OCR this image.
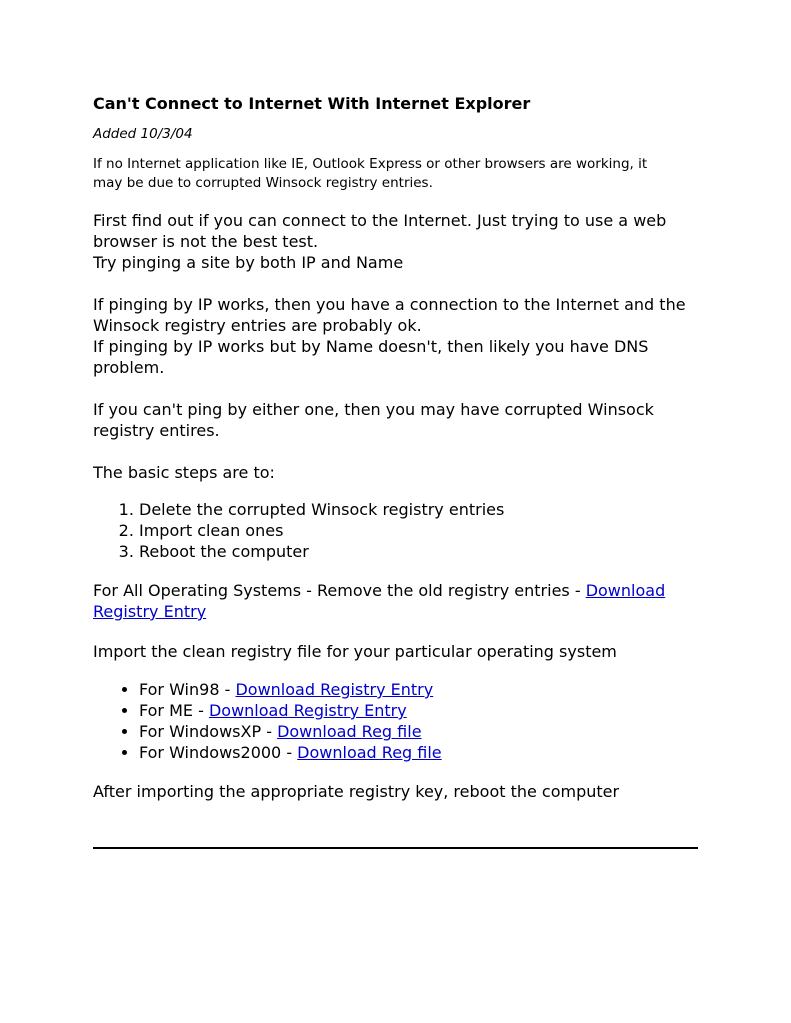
Can't Connect to Internet With Internet Explorer
Added 10/3/04
If no Internet application like IE, Outlook Express or other browsers are working, it may be due to corrupted Winsock registry entries.
First find out if you can connect to the Internet. Just trying to use a web browser is not the best test.
Try pinging a site by both IP and Name
If pinging by IP works, then you have a connection to the Internet and the Winsock registry entries are probably ok.
If pinging by IP works but by Name doesn't, then likely you have DNS problem.
If you can't ping by either one, then you may have corrupted Winsock registry entires.
The basic steps are to:
1. Delete the corrupted Winsock registry entries
2. Import clean ones
3. Reboot the computer
For All Operating Systems - Remove the old registry entries - Download Registry Entry
Import the clean registry file for your particular operating system
• For Win98 - Download Registry Entry
• For ME - Download Registry Entry
• For WindowsXP - Download Reg file
• For Windows2000 - Download Reg file
After importing the appropriate registry key, reboot the computer
